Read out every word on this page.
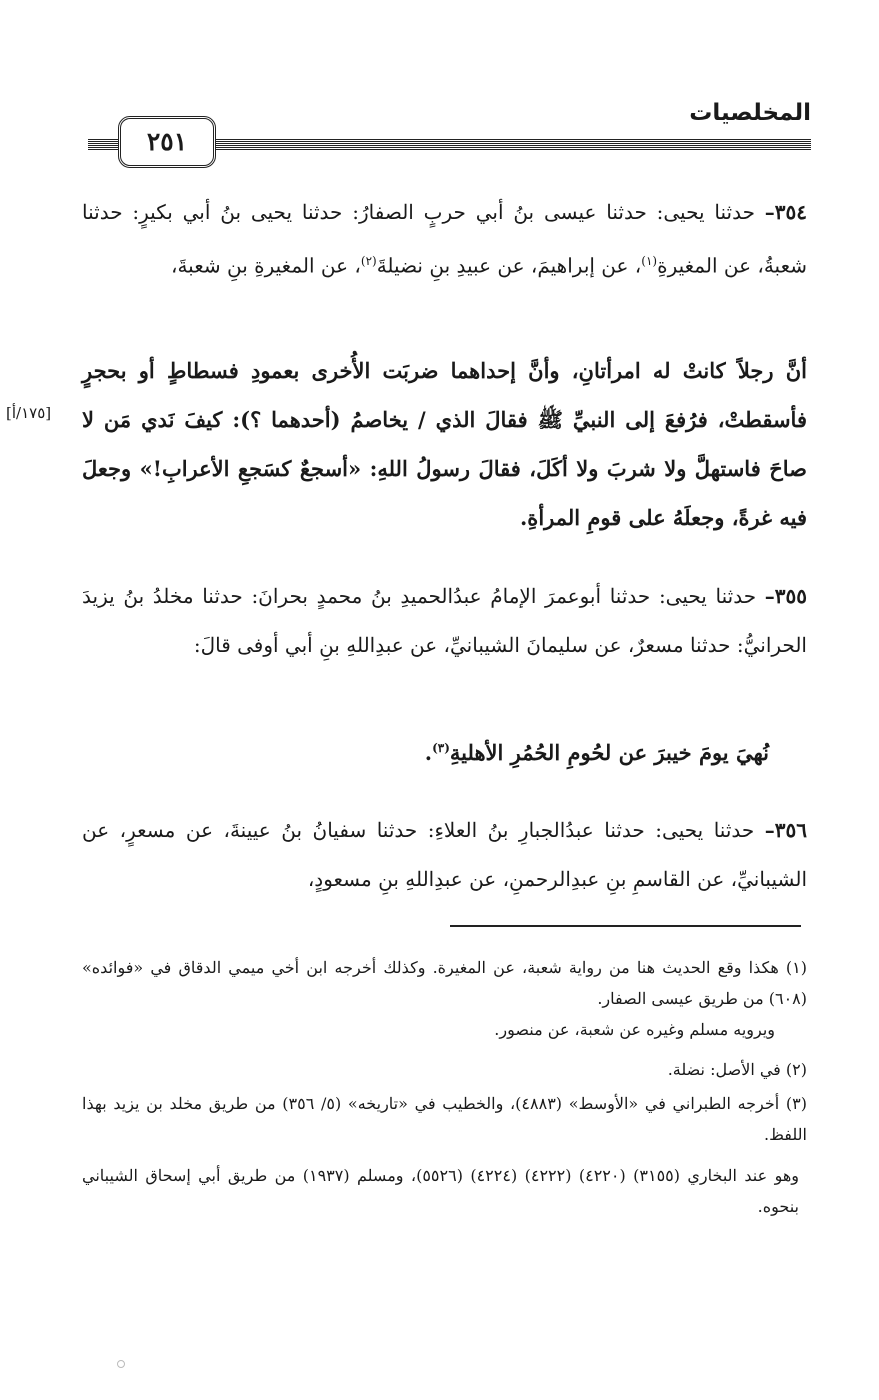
المخلصيات
٢٥١
٣٥٤– حدثنا يحيى: حدثنا عيسى بنُ أبي حربٍ الصفارُ: حدثنا يحيى بنُ أبي بكيرٍ: حدثنا شعبةُ، عن المغيرةِ$^{(١)}$، عن إبراهيمَ، عن عبيدِ بنِ نضيلةَ$^{(٢)}$، عن المغيرةِ بنِ شعبةَ،
أنَّ رجلاً كانتْ له امرأتانِ، وأنَّ إحداهما ضربَت الأُخرى بعمودِ فسطاطٍ أو بحجرٍ فأسقطتْ، فرُفعَ إلى النبيِّ ﷺ فقالَ الذي / يخاصمُ (أحدهما ؟): كيفَ نَدي مَن لا صاحَ فاستهلَّ ولا شربَ ولا أكَلَ، فقالَ رسولُ اللهِ: «أسجعٌ كسَجعِ الأعرابِ!» وجعلَ فيه غرةً، وجعلَهُ على قومِ المرأةِ.
[١٧٥/أ]
٣٥٥– حدثنا يحيى: حدثنا أبوعمرَ الإمامُ عبدُالحميدِ بنُ محمدٍ بحرانَ: حدثنا مخلدُ بنُ يزيدَ الحرانيُّ: حدثنا مسعرٌ، عن سليمانَ الشيبانيِّ، عن عبدِاللهِ بنِ أبي أوفى قالَ:
نُهيَ يومَ خيبرَ عن لحُومِ الحُمُرِ الأهليةِ$^{(٣)}$.
٣٥٦– حدثنا يحيى: حدثنا عبدُالجبارِ بنُ العلاءِ: حدثنا سفيانُ بنُ عيينةَ، عن مسعرٍ، عن الشيبانيِّ، عن القاسمِ بنِ عبدِالرحمنِ، عن عبدِاللهِ بنِ مسعودٍ،
(١) هكذا وقع الحديث هنا من رواية شعبة، عن المغيرة. وكذلك أخرجه ابن أخي ميمي الدقاق في «فوائده» (٦٠٨) من طريق عيسى الصفار.
ويرويه مسلم وغيره عن شعبة، عن منصور.
(٢) في الأصل: نضلة.
(٣) أخرجه الطبراني في «الأوسط» (٤٨٨٣)، والخطيب في «تاريخه» (٥/ ٣٥٦) من طريق مخلد بن يزيد بهذا اللفظ.
وهو عند البخاري (٣١٥٥) (٤٢٢٠) (٤٢٢٢) (٤٢٢٤) (٥٥٢٦)، ومسلم (١٩٣٧) من طريق أبي إسحاق الشيباني بنحوه.
